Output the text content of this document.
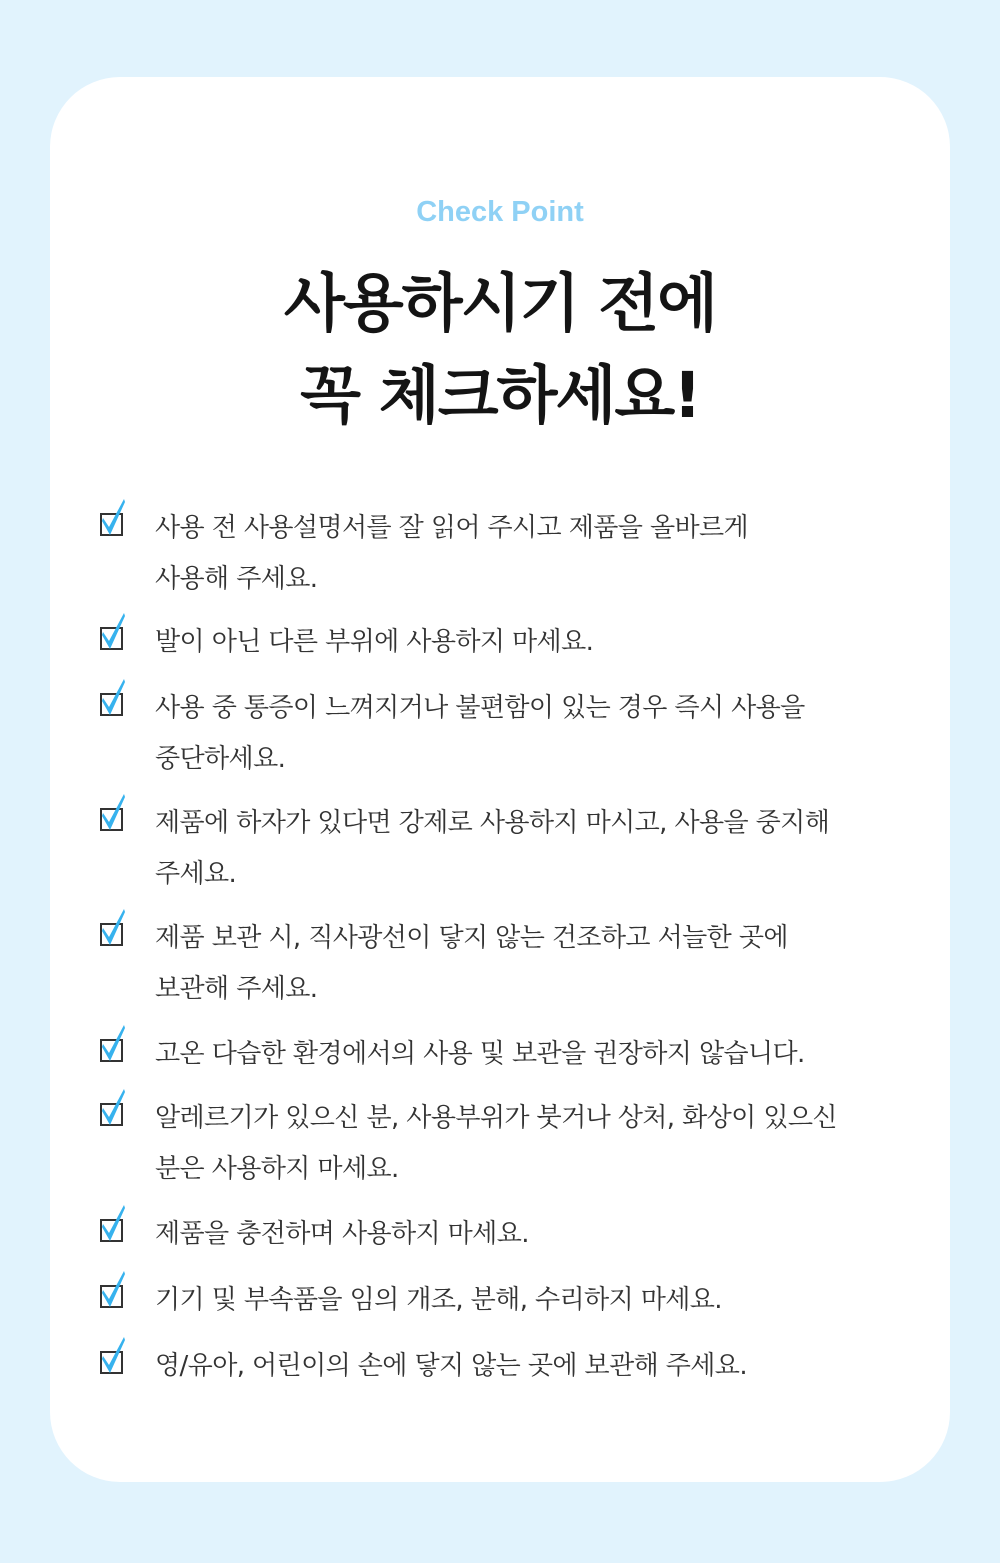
Check Point
사용하시기 전에
꼭 체크하세요!
사용 전 사용설명서를 잘 읽어 주시고 제품을 올바르게
사용해 주세요.
발이 아닌 다른 부위에 사용하지 마세요.
사용 중 통증이 느껴지거나 불편함이 있는 경우 즉시 사용을
중단하세요.
제품에 하자가 있다면 강제로 사용하지 마시고, 사용을 중지해
주세요.
제품 보관 시, 직사광선이 닿지 않는 건조하고 서늘한 곳에
보관해 주세요.
고온 다습한 환경에서의 사용 및 보관을 권장하지 않습니다.
알레르기가 있으신 분, 사용부위가 붓거나 상처, 화상이 있으신
분은 사용하지 마세요.
제품을 충전하며 사용하지 마세요.
기기 및 부속품을 임의 개조, 분해, 수리하지 마세요.
영/유아, 어린이의 손에 닿지 않는 곳에 보관해 주세요.
